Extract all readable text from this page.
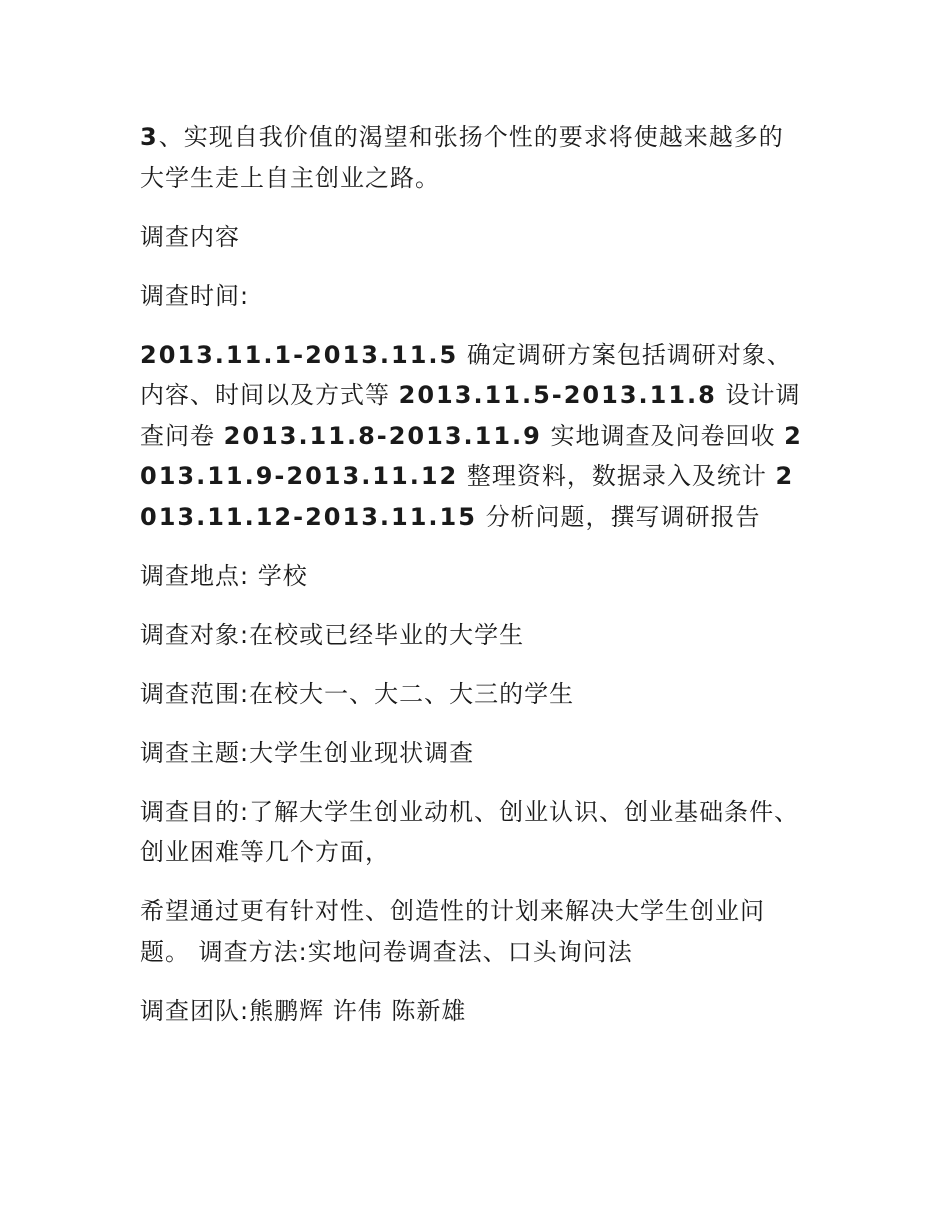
3、实现自我价值的渴望和张扬个性的要求将使越来越多的大学生走上自主创业之路。

调查内容

调查时间:

2013.11.1-2013.11.5 确定调研方案包括调研对象、内容、时间以及方式等 2013.11.5-2013.11.8 设计调查问卷 2013.11.8-2013.11.9 实地调查及问卷回收 2013.11.9-2013.11.12 整理资料，数据录入及统计 2013.11.12-2013.11.15 分析问题，撰写调研报告

调查地点: 学校

调查对象:在校或已经毕业的大学生

调查范围:在校大一、大二、大三的学生

调查主题:大学生创业现状调查

调查目的:了解大学生创业动机、创业认识、创业基础条件、创业困难等几个方面，

希望通过更有针对性、创造性的计划来解决大学生创业问题。 调查方法:实地问卷调查法、口头询问法

调查团队:熊鹏辉 许伟 陈新雄
